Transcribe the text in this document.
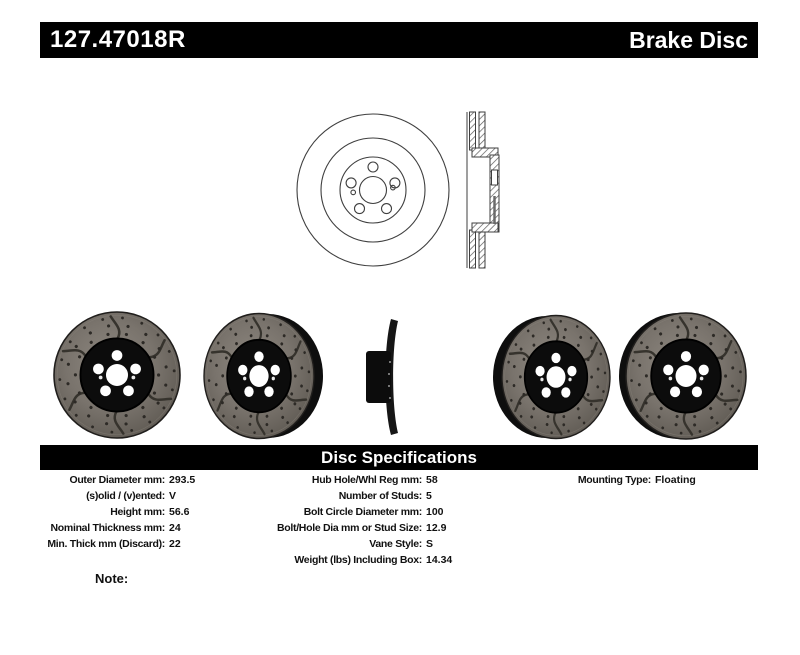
127.47018R	Brake Disc
Disc Specifications
Outer Diameter mm: 293.5
(s)olid / (v)ented: V
Height mm: 56.6
Nominal Thickness mm: 24
Min. Thick mm (Discard): 22
Hub Hole/Whl Reg mm: 58
Number of Studs: 5
Bolt Circle Diameter mm: 100
Bolt/Hole Dia mm or Stud Size: 12.9
Vane Style: S
Weight (lbs) Including Box: 14.34
Mounting Type: Floating
Note:
